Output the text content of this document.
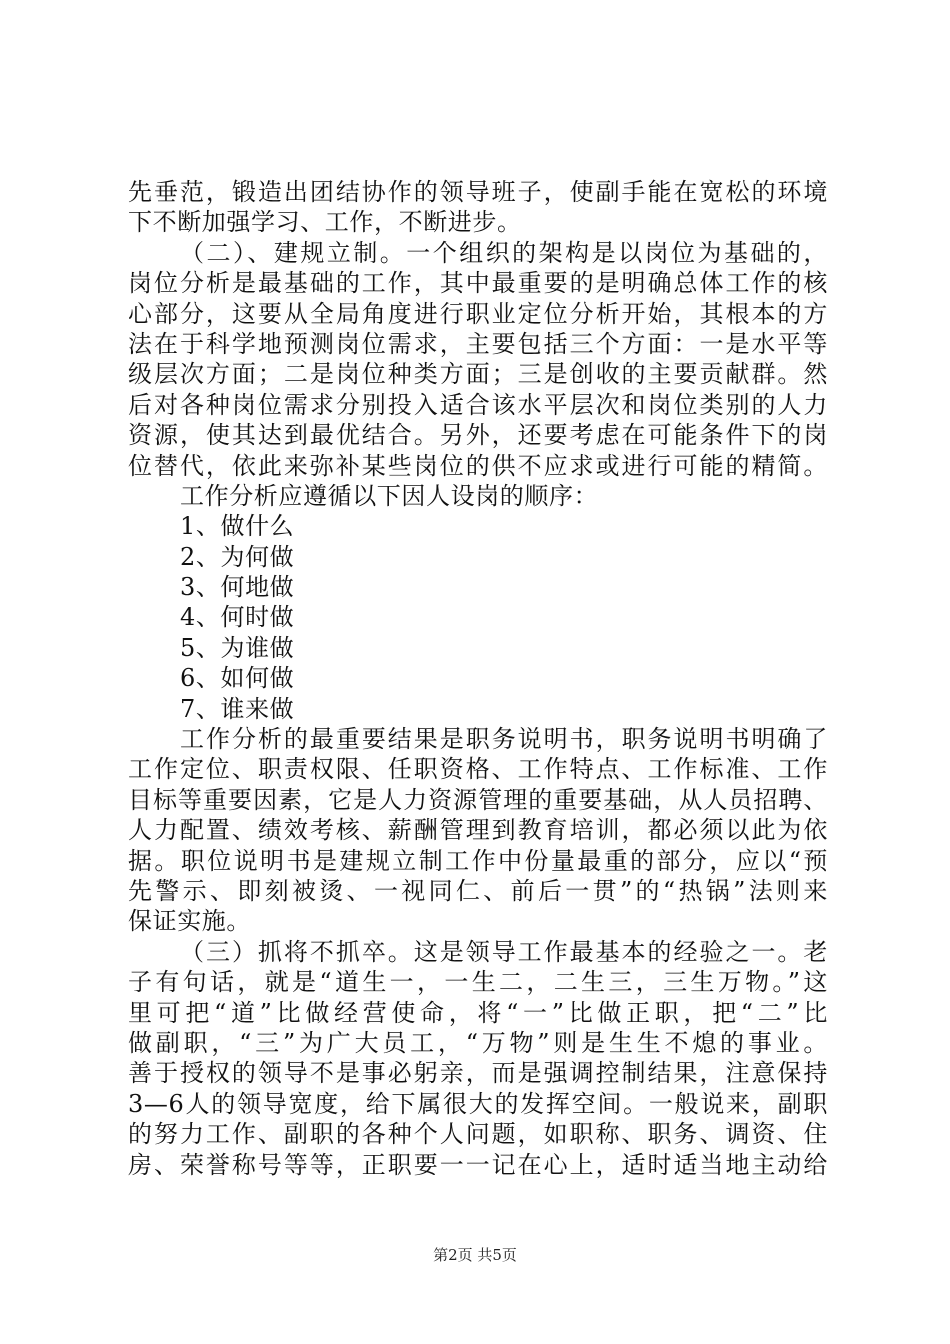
先垂范，锻造出团结协作的领导班子，使副手能在宽松的环境
下不断加强学习、工作，不断进步。
（二）、建规立制。一个组织的架构是以岗位为基础的，
岗位分析是最基础的工作，其中最重要的是明确总体工作的核
心部分，这要从全局角度进行职业定位分析开始，其根本的方
法在于科学地预测岗位需求，主要包括三个方面：一是水平等
级层次方面；二是岗位种类方面；三是创收的主要贡献群。然
后对各种岗位需求分别投入适合该水平层次和岗位类别的人力
资源，使其达到最优结合。另外，还要考虑在可能条件下的岗
位替代，依此来弥补某些岗位的供不应求或进行可能的精简。
工作分析应遵循以下因人设岗的顺序：
1、做什么
2、为何做
3、何地做
4、何时做
5、为谁做
6、如何做
7、谁来做
工作分析的最重要结果是职务说明书，职务说明书明确了
工作定位、职责权限、任职资格、工作特点、工作标准、工作
目标等重要因素，它是人力资源管理的重要基础，从人员招聘、
人力配置、绩效考核、薪酬管理到教育培训，都必须以此为依
据。职位说明书是建规立制工作中份量最重的部分，应以“预
先警示、即刻被烫、一视同仁、前后一贯”的“热锅”法则来
保证实施。
（三）抓将不抓卒。这是领导工作最基本的经验之一。老
子有句话，就是“道生一，一生二，二生三，三生万物。”这
里可把“道”比做经营使命，将“一”比做正职，把“二”比
做副职，“三”为广大员工，“万物”则是生生不熄的事业。
善于授权的领导不是事必躬亲，而是强调控制结果，注意保持
3—6人的领导宽度，给下属很大的发挥空间。一般说来，副职
的努力工作、副职的各种个人问题，如职称、职务、调资、住
房、荣誉称号等等，正职要一一记在心上，适时适当地主动给
第2页 共5页
